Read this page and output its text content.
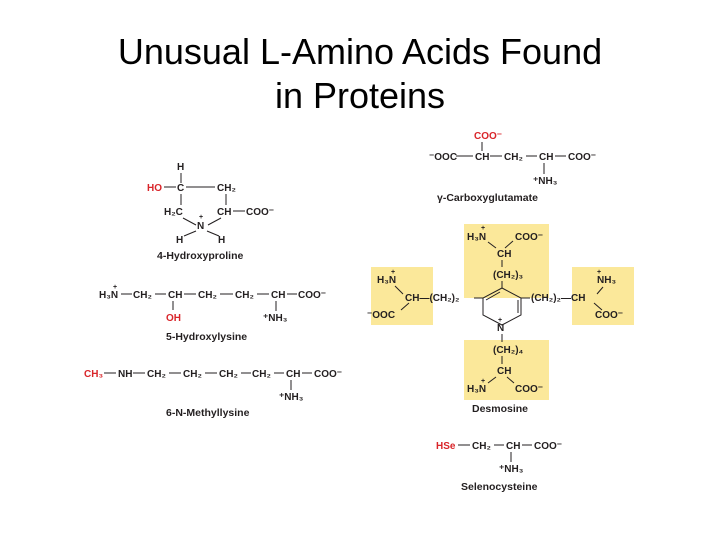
Unusual L-Amino Acids Found
in Proteins
H
HO C	CH₂
H₂C	CH COO⁻
+
N
H	H
4-Hydroxyproline
H₃N
+
CH₂ CH
OH
CH₂ CH₂ CH
⁺NH₃
COO⁻
5-Hydroxylysine
CH₃ NH CH₂ CH₂ CH₂ CH₂ CH
⁺NH₃
COO⁻
6-N-Methyllysine
COO⁻
⁻OOC CH CH₂ CH
⁺NH₃
COO⁻
γ-Carboxyglutamate
H₃N
+
COO⁻
CH
(CH₂)₃
N
+
H₃N
+
CH—(CH₂)₂
⁻OOC
(CH₂)₂—CH
NH₃
+
COO⁻
(CH₂)₄
CH
H₃N
+
COO⁻
Desmosine
HSe CH₂ CH
⁺NH₃
COO⁻
Selenocysteine
